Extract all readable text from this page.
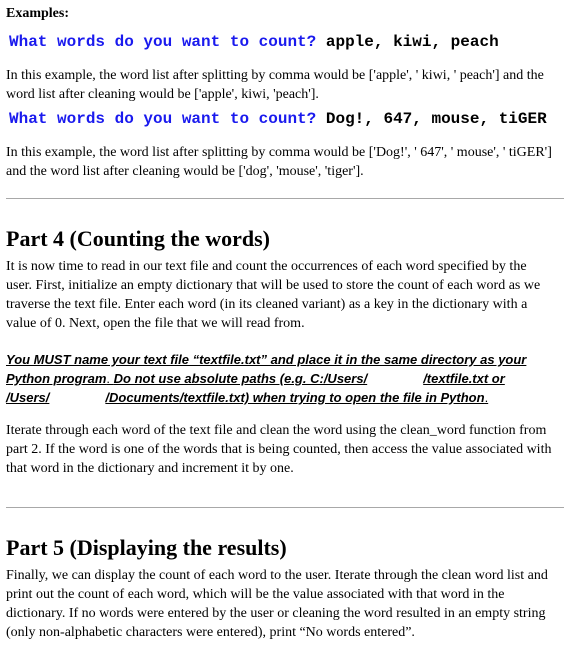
Examples:
What words do you want to count? apple, kiwi, peach
In this example, the word list after splitting by comma would be ['apple', ' kiwi, ' peach'] and the
word list after cleaning would be ['apple', kiwi, 'peach'].
What words do you want to count? Dog!, 647, mouse, tiGER
In this example, the word list after splitting by comma would be ['Dog!', ' 647', ' mouse', ' tiGER']
and the word list after cleaning would be ['dog', 'mouse', 'tiger'].
Part 4 (Counting the words)
It is now time to read in our text file and count the occurrences of each word specified by the
user. First, initialize an empty dictionary that will be used to store the count of each word as we
traverse the text file. Enter each word (in its cleaned variant) as a key in the dictionary with a
value of 0. Next, open the file that we will read from.
You MUST name your text file “textfile.txt” and place it in the same directory as your
Python program. Do not use absolute paths (e.g. C:/Users/	/textfile.txt or
/Users/	/Documents/textfile.txt) when trying to open the file in Python.
Iterate through each word of the text file and clean the word using the clean_word function from
part 2. If the word is one of the words that is being counted, then access the value associated with
that word in the dictionary and increment it by one.
Part 5 (Displaying the results)
Finally, we can display the count of each word to the user. Iterate through the clean word list and
print out the count of each word, which will be the value associated with that word in the
dictionary. If no words were entered by the user or cleaning the word resulted in an empty string
(only non-alphabetic characters were entered), print “No words entered”.
